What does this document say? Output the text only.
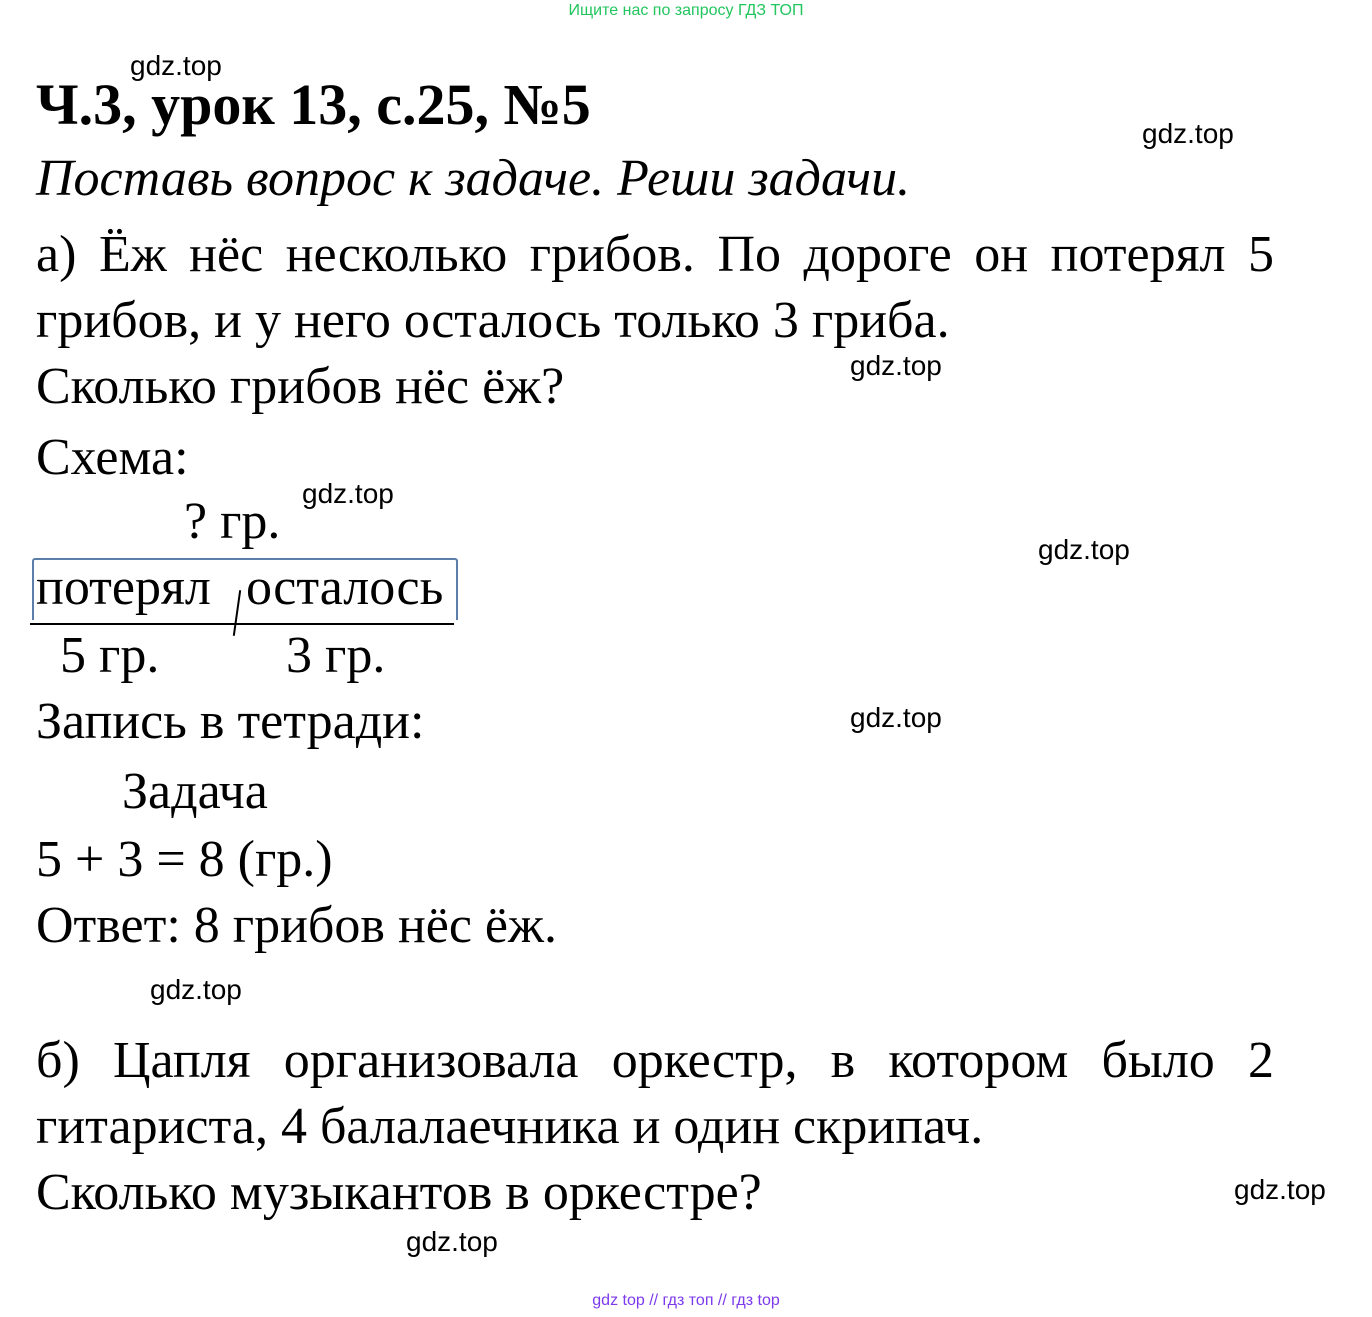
Ищите нас по запросу ГДЗ ТОП
gdz.top
gdz.top
gdz.top
gdz.top
gdz.top
gdz.top
gdz.top
gdz.top
gdz.top
Ч.3, урок 13, с.25, №5
Поставь вопрос к задаче. Реши задачи.
а) Ёж нёс несколько грибов. По дороге он потерял 5 грибов, и у него осталось только 3 гриба.
Сколько грибов нёс ёж?
Схема:
? гр.
потерял осталось
5 гр. 3 гр.
Запись в тетради:
Задача
5 + 3 = 8 (гр.)
Ответ: 8 грибов нёс ёж.
б) Цапля организовала оркестр, в котором было 2 гитариста, 4 балалаечника и один скрипач.
Сколько музыкантов в оркестре?
gdz top // гдз топ // гдз top
